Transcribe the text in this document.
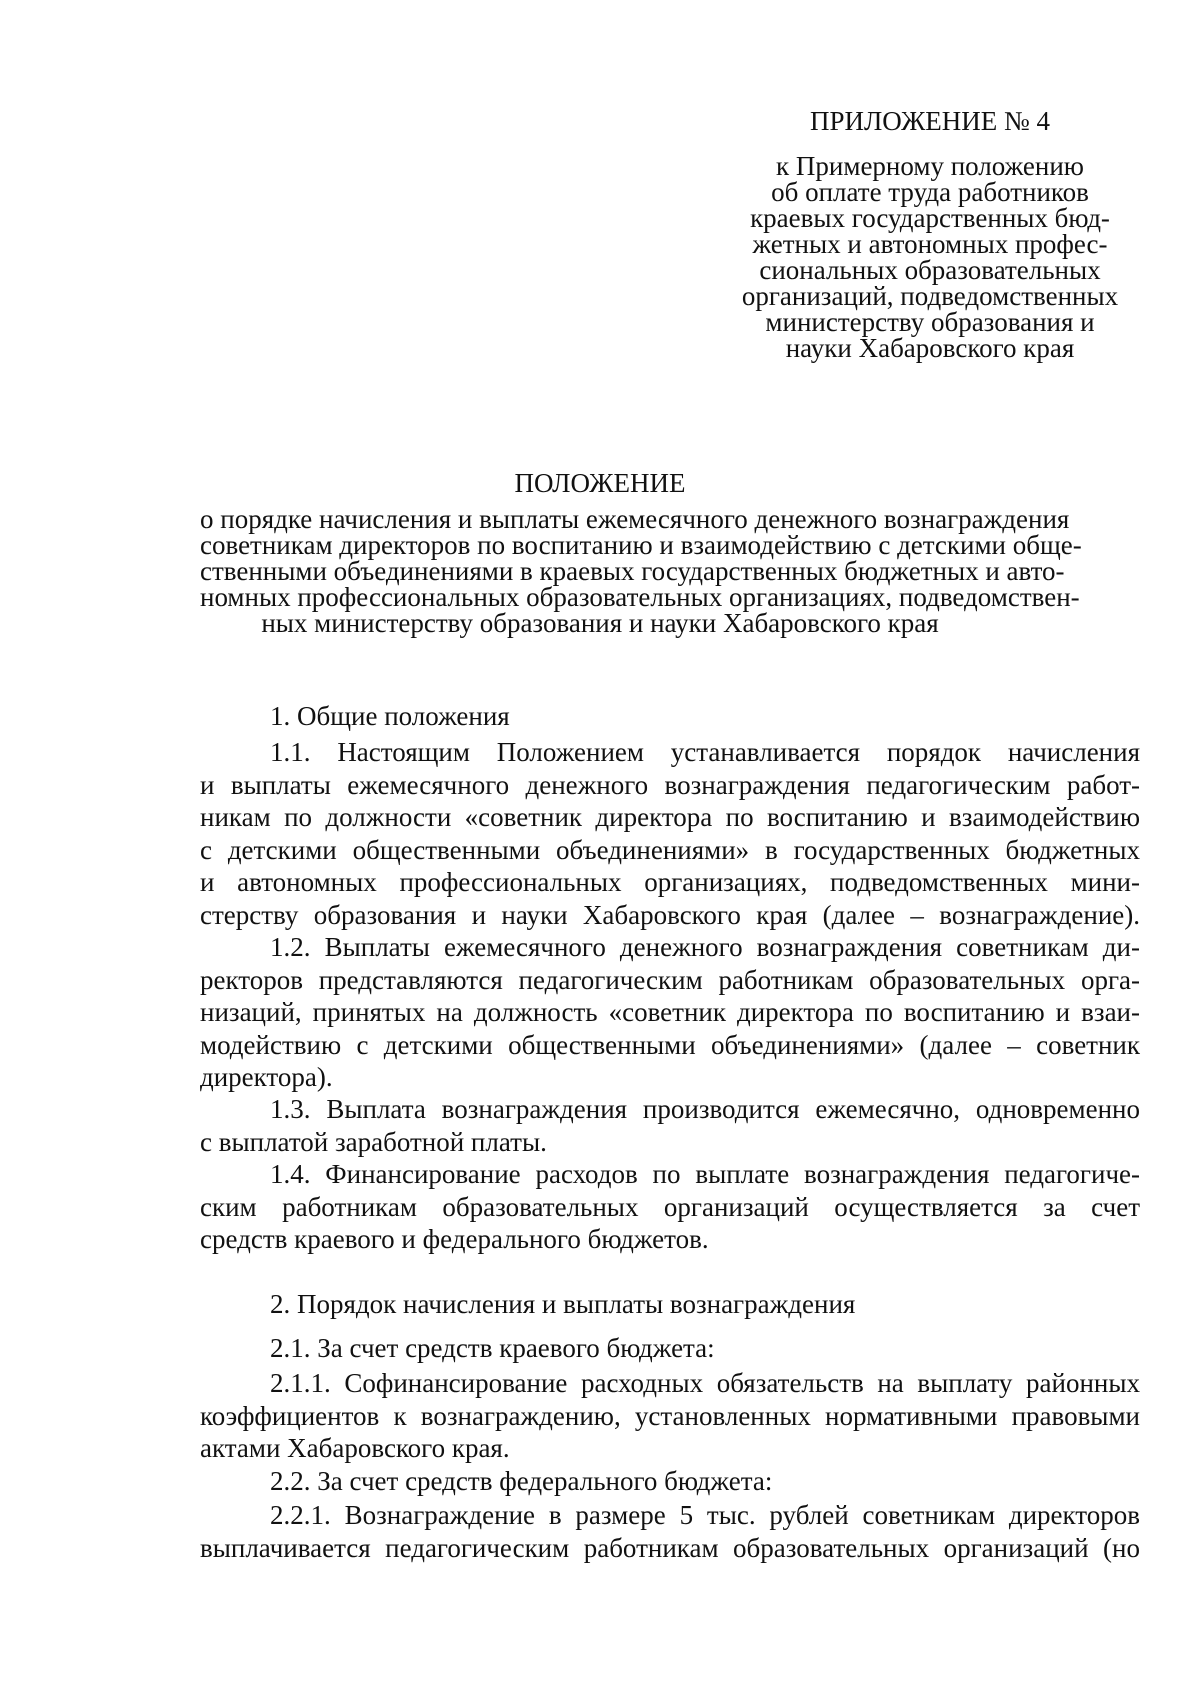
ПРИЛОЖЕНИЕ № 4
к Примерному положению
об оплате труда работников
краевых государственных бюд-
жетных и автономных профес-
сиональных образовательных
организаций, подведомственных
министерству образования и
науки Хабаровского края
ПОЛОЖЕНИЕ
о порядке начисления и выплаты ежемесячного денежного вознаграждения
советникам директоров по воспитанию и взаимодействию с детскими обще-
ственными объединениями в краевых государственных бюджетных и авто-
номных профессиональных образовательных организациях, подведомствен-
ных министерству образования и науки Хабаровского края
1. Общие положения
1.1. Настоящим Положением устанавливается порядок начисления
и выплаты ежемесячного денежного вознаграждения педагогическим работ-
никам по должности «советник директора по воспитанию и взаимодействию
с детскими общественными объединениями» в государственных бюджетных
и автономных профессиональных организациях, подведомственных мини-
стерству образования и науки Хабаровского края (далее – вознаграждение).
1.2. Выплаты ежемесячного денежного вознаграждения советникам ди-
ректоров представляются педагогическим работникам образовательных орга-
низаций, принятых на должность «советник директора по воспитанию и взаи-
модействию с детскими общественными объединениями» (далее – советник
директора).
1.3. Выплата вознаграждения производится ежемесячно, одновременно
с выплатой заработной платы.
1.4. Финансирование расходов по выплате вознаграждения педагогиче-
ским работникам образовательных организаций осуществляется за счет
средств краевого и федерального бюджетов.
2. Порядок начисления и выплаты вознаграждения
2.1. За счет средств краевого бюджета:
2.1.1. Софинансирование расходных обязательств на выплату районных
коэффициентов к вознаграждению, установленных нормативными правовыми
актами Хабаровского края.
2.2. За счет средств федерального бюджета:
2.2.1. Вознаграждение в размере 5 тыс. рублей советникам директоров
выплачивается педагогическим работникам образовательных организаций (но
